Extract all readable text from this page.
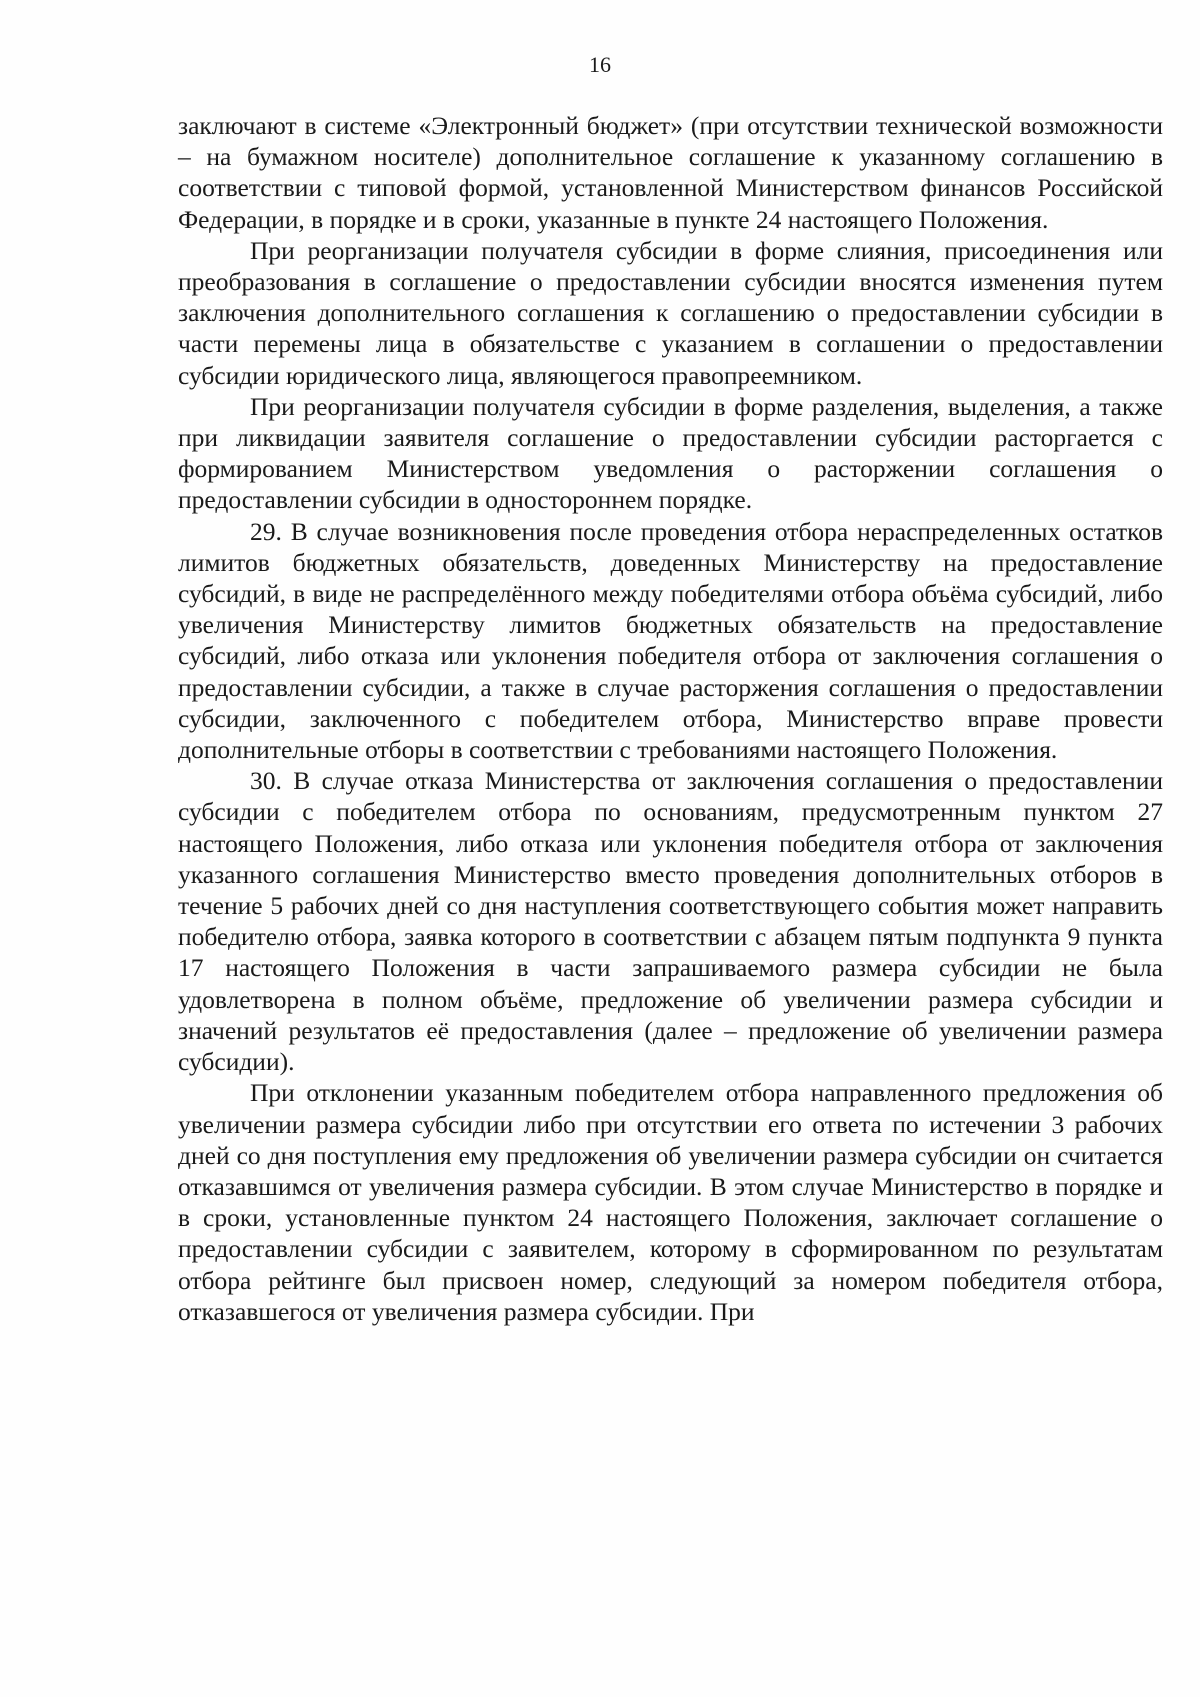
16

заключают в системе «Электронный бюджет» (при отсутствии технической возможности – на бумажном носителе) дополнительное соглашение к указанному соглашению в соответствии с типовой формой, установленной Министерством финансов Российской Федерации, в порядке и в сроки, указанные в пункте 24 настоящего Положения.

При реорганизации получателя субсидии в форме слияния, присоединения или преобразования в соглашение о предоставлении субсидии вносятся изменения путем заключения дополнительного соглашения к соглашению о предоставлении субсидии в части перемены лица в обязательстве с указанием в соглашении о предоставлении субсидии юридического лица, являющегося правопреемником.

При реорганизации получателя субсидии в форме разделения, выделения, а также при ликвидации заявителя соглашение о предоставлении субсидии расторгается с формированием Министерством уведомления о расторжении соглашения о предоставлении субсидии в одностороннем порядке.

29. В случае возникновения после проведения отбора нераспределенных остатков лимитов бюджетных обязательств, доведенных Министерству на предоставление субсидий, в виде не распределённого между победителями отбора объёма субсидий, либо увеличения Министерству лимитов бюджетных обязательств на предоставление субсидий, либо отказа или уклонения победителя отбора от заключения соглашения о предоставлении субсидии, а также в случае расторжения соглашения о предоставлении субсидии, заключенного с победителем отбора, Министерство вправе провести дополнительные отборы в соответствии с требованиями настоящего Положения.

30. В случае отказа Министерства от заключения соглашения о предоставлении субсидии с победителем отбора по основаниям, предусмотренным пунктом 27 настоящего Положения, либо отказа или уклонения победителя отбора от заключения указанного соглашения Министерство вместо проведения дополнительных отборов в течение 5 рабочих дней со дня наступления соответствующего события может направить победителю отбора, заявка которого в соответствии с абзацем пятым подпункта 9 пункта 17 настоящего Положения в части запрашиваемого размера субсидии не была удовлетворена в полном объёме, предложение об увеличении размера субсидии и значений результатов её предоставления (далее – предложение об увеличении размера субсидии).

При отклонении указанным победителем отбора направленного предложения об увеличении размера субсидии либо при отсутствии его ответа по истечении 3 рабочих дней со дня поступления ему предложения об увеличении размера субсидии он считается отказавшимся от увеличения размера субсидии. В этом случае Министерство в порядке и в сроки, установленные пунктом 24 настоящего Положения, заключает соглашение о предоставлении субсидии с заявителем, которому в сформированном по результатам отбора рейтинге был присвоен номер, следующий за номером победителя отбора, отказавшегося от увеличения размера субсидии. При
